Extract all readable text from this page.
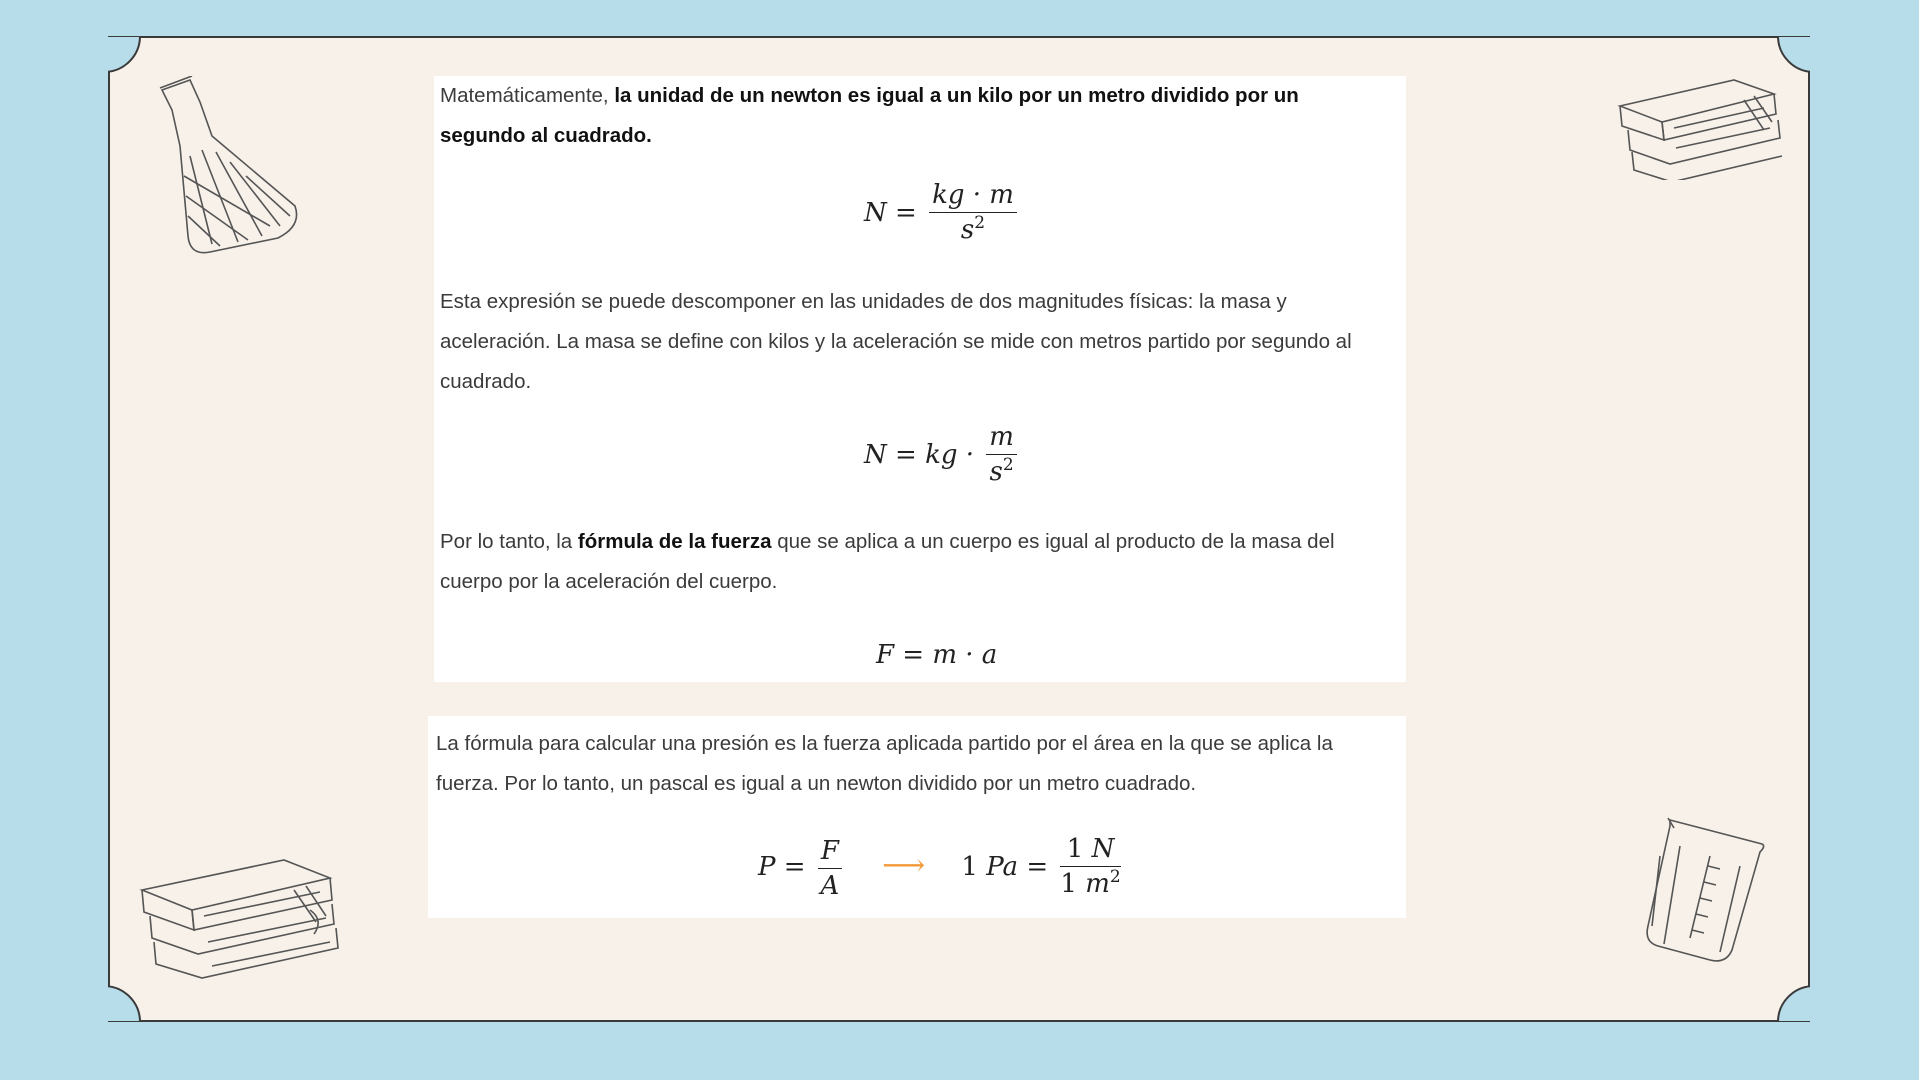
Matemáticamente, la unidad de un newton es igual a un kilo por un metro dividido por un
segundo al cuadrado.

$N = \frac{kg \cdot m}{s^2}$

Esta expresión se puede descomponer en las unidades de dos magnitudes físicas: la masa y
aceleración. La masa se define con kilos y la aceleración se mide con metros partido por segundo al
cuadrado.

N = kg · $\frac{m}{s^2}$

Por lo tanto, la fórmula de la fuerza que se aplica a un cuerpo es igual al producto de la masa del
cuerpo por la aceleración del cuerpo.

F = m · a

La fórmula para calcular una presión es la fuerza aplicada partido por el área en la que se aplica la
fuerza. Por lo tanto, un pascal es igual a un newton dividido por un metro cuadrado.

$P = \frac{F}{A}$ ⟶ 1 $Pa = \frac{1 N}{1 m^2}$
